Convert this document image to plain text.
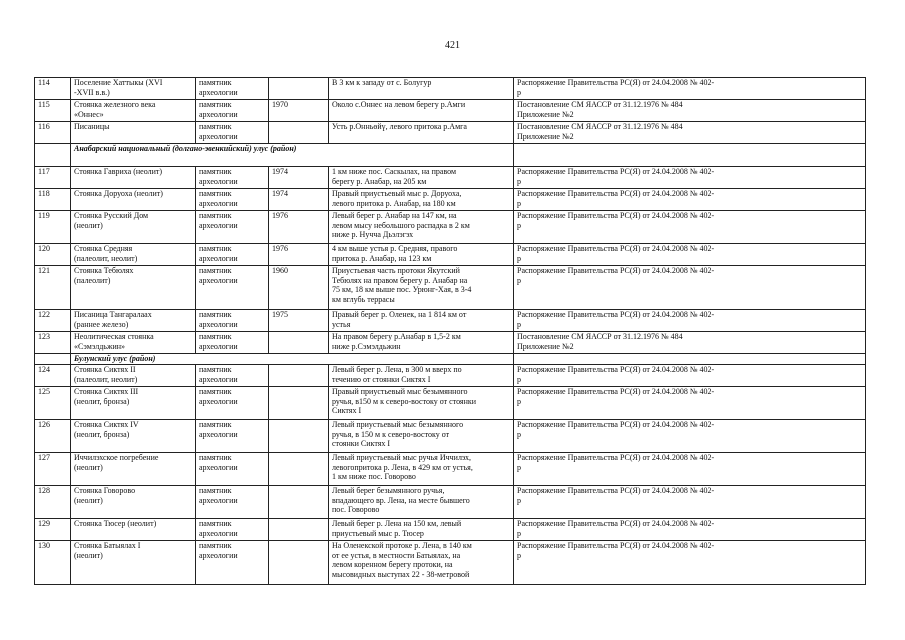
421
114	Поселение Хаттыкы (XVI
-XVII в.в.)	памятник
археологии		В 3 км к западу от с. Болугур	Распоряжение Правительства РС(Я) от 24.04.2008 № 402-
р
115	Стоянка железного века
«Оннес»	памятник
археологии	1970	Около с.Оннес на левом берегу р.Амги	Постановление СМ ЯАССР от 31.12.1976 № 484
Приложение №2
116	Писаницы	памятник
археологии		Усть р.Онньөйү, левого притока р.Амга	Постановление СМ ЯАССР от 31.12.1976 № 484
Приложение №2
	Анабарский национальный (долгано-эвенкийский) улус (район)				
117	Стоянка Гавриха (неолит)	памятник
археологии	1974	1 км ниже пос. Саскылах, на правом
берегу р. Анабар, на 205 км	Распоряжение Правительства РС(Я) от 24.04.2008 № 402-
р
118	Стоянка Доруоха (неолит)	памятник
археологии	1974	Правый приустьевый мыс р. Доруоха,
левого притока р. Анабар, на 180 км	Распоряжение Правительства РС(Я) от 24.04.2008 № 402-
р
119	Стоянка Русский Дом
(неолит)	памятник
археологии	1976	Левый берег р. Анабар на 147 км, на
левом мысу небольшого распадка в 2 км
ниже р. Нучча Дьэлэгэх	Распоряжение Правительства РС(Я) от 24.04.2008 № 402-
р
120	Стоянка Средняя
(палеолит, неолит)	памятник
археологии	1976	4 км выше устья р. Средняя, правого
притока р. Анабар, на 123 км	Распоряжение Правительства РС(Я) от 24.04.2008 № 402-
р
121	Стоянка Тебюлях
(палеолит)	памятник
археологии	1960	Приустьевая часть протоки Якутский
Тебюлях на правом берегу р. Анабар на
75 км, 18 км выше пос. Урюнг-Хая, в 3-4
км вглубь террасы	Распоряжение Правительства РС(Я) от 24.04.2008 № 402-
р
122	Писаница Тангаралаах
(раннее железо)	памятник
археологии	1975	Правый берег р. Оленек, на 1 814 км от
устья	Распоряжение Правительства РС(Я) от 24.04.2008 № 402-
р
123	Неолитическая стоянка
«Сэмэлдьжин»	памятник
археологии		На правом берегу р.Анабар в 1,5-2 км
ниже р.Сэмэлдьжин	Постановление СМ ЯАССР от 31.12.1976 № 484
Приложение №2
	Булунский улус (район)				
124	Стоянка Сиктях II
(палеолит, неолит)	памятник
археологии		Левый берег р. Лена, в 300 м вверх по
течению от стоянки Сиктях I	Распоряжение Правительства РС(Я) от 24.04.2008 № 402-
р
125	Стоянка Сиктях III
(неолит, бронза)	памятник
археологии		Правый приустьевый мыс безымянного
ручья, в150 м к северо-востоку от стоянки
Сиктях I	Распоряжение Правительства РС(Я) от 24.04.2008 № 402-
р
126	Стоянка Сиктях IV
(неолит, бронза)	памятник
археологии		Левый приустьевый мыс безымянного
ручья, в 150 м к северо-востоку от
стоянки Сиктях I	Распоряжение Правительства РС(Я) от 24.04.2008 № 402-
р
127	Иччилэхское погребение
(неолит)	памятник
археологии		Левый приустьевый мыс ручья Иччилэх,
левогопритока р. Лена, в 429 км от устья,
1 км ниже пос. Говорово	Распоряжение Правительства РС(Я) от 24.04.2008 № 402-
р
128	Стоянка Говорово
(неолит)	памятник
археологии		Левый берег безымянного ручья,
впадающего вр. Лена, на месте бывшего
пос. Говорово	Распоряжение Правительства РС(Я) от 24.04.2008 № 402-
р
129	Стоянка Тюсер (неолит)	памятник
археологии		Левый берег р. Лена на 150 км, левый
приустьевый мыс р. Тюсер	Распоряжение Правительства РС(Я) от 24.04.2008 № 402-
р
130	Стоянка Батыялах I
(неолит)	памятник
археологии		На Оленекской протоке р. Лена, в 140 км
от ее устья, в местности Батыялах, на
левом коренном берегу протоки, на
мысовидных выступах 22 - 38-метровой	Распоряжение Правительства РС(Я) от 24.04.2008 № 402-
р
